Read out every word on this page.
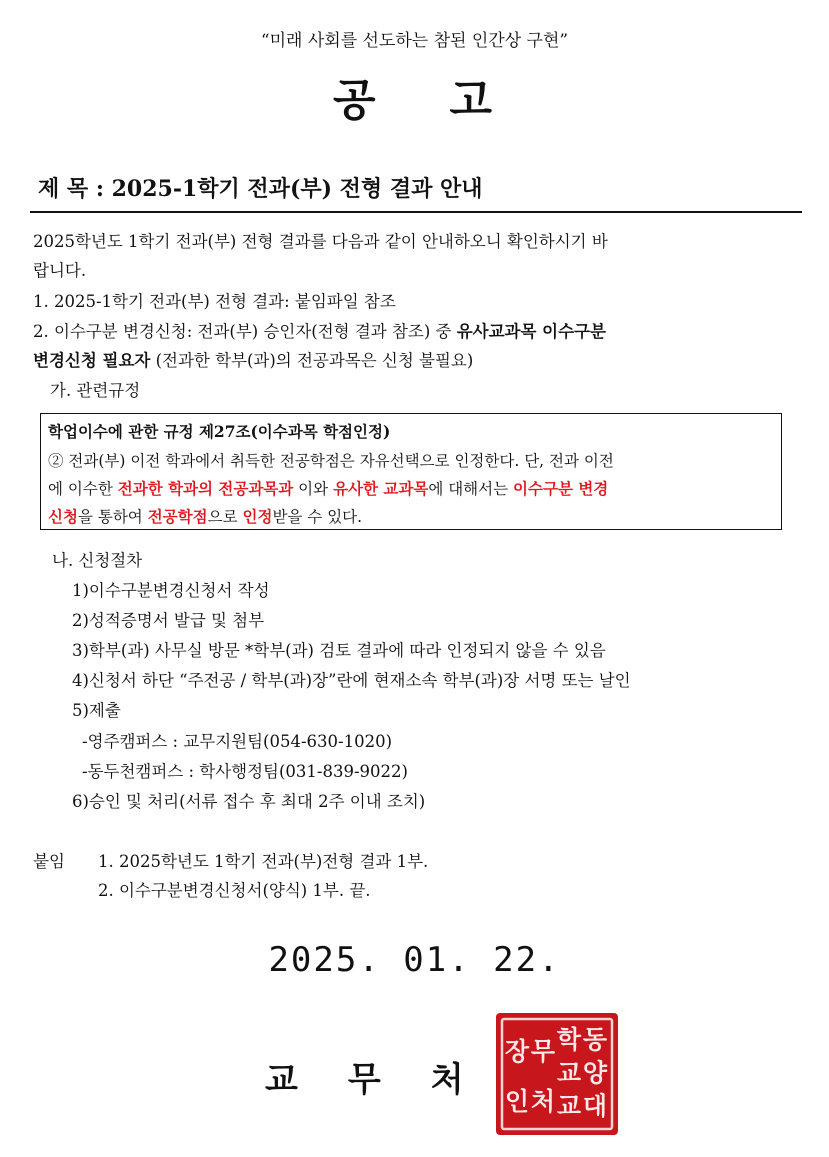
“미래 사회를 선도하는 참된 인간상 구현”
공 고
제 목 : 2025-1학기 전과(부) 전형 결과 안내
2025학년도 1학기 전과(부) 전형 결과를 다음과 같이 안내하오니 확인하시기 바
랍니다.
1. 2025-1학기 전과(부) 전형 결과: 붙임파일 참조
2. 이수구분 변경신청: 전과(부) 승인자(전형 결과 참조) 중 유사교과목 이수구분
변경신청 필요자 (전과한 학부(과)의 전공과목은 신청 불필요)
가. 관련규정
학업이수에 관한 규정 제27조(이수과목 학점인정)
② 전과(부) 이전 학과에서 취득한 전공학점은 자유선택으로 인정한다. 단, 전과 이전
에 이수한 전과한 학과의 전공과목과 이와 유사한 교과목에 대해서는 이수구분 변경
신청을 통하여 전공학점으로 인정받을 수 있다.
나. 신청절차
1)이수구분변경신청서 작성
2)성적증명서 발급 및 첨부
3)학부(과) 사무실 방문 *학부(과) 검토 결과에 따라 인정되지 않을 수 있음
4)신청서 하단 “주전공 / 학부(과)장”란에 현재소속 학부(과)장 서명 또는 날인
5)제출
-영주캠퍼스 : 교무지원팀(054-630-1020)
-동두천캠퍼스 : 학사행정팀(031-839-9022)
6)승인 및 처리(서류 접수 후 최대 2주 이내 조치)
붙임 1. 2025학년도 1학기 전과(부)전형 결과 1부.
2. 이수구분변경신청서(양식) 1부. 끝.
2025. 01. 22.
교 무 처
동
양
대
학
교
교
무
처
장
인
